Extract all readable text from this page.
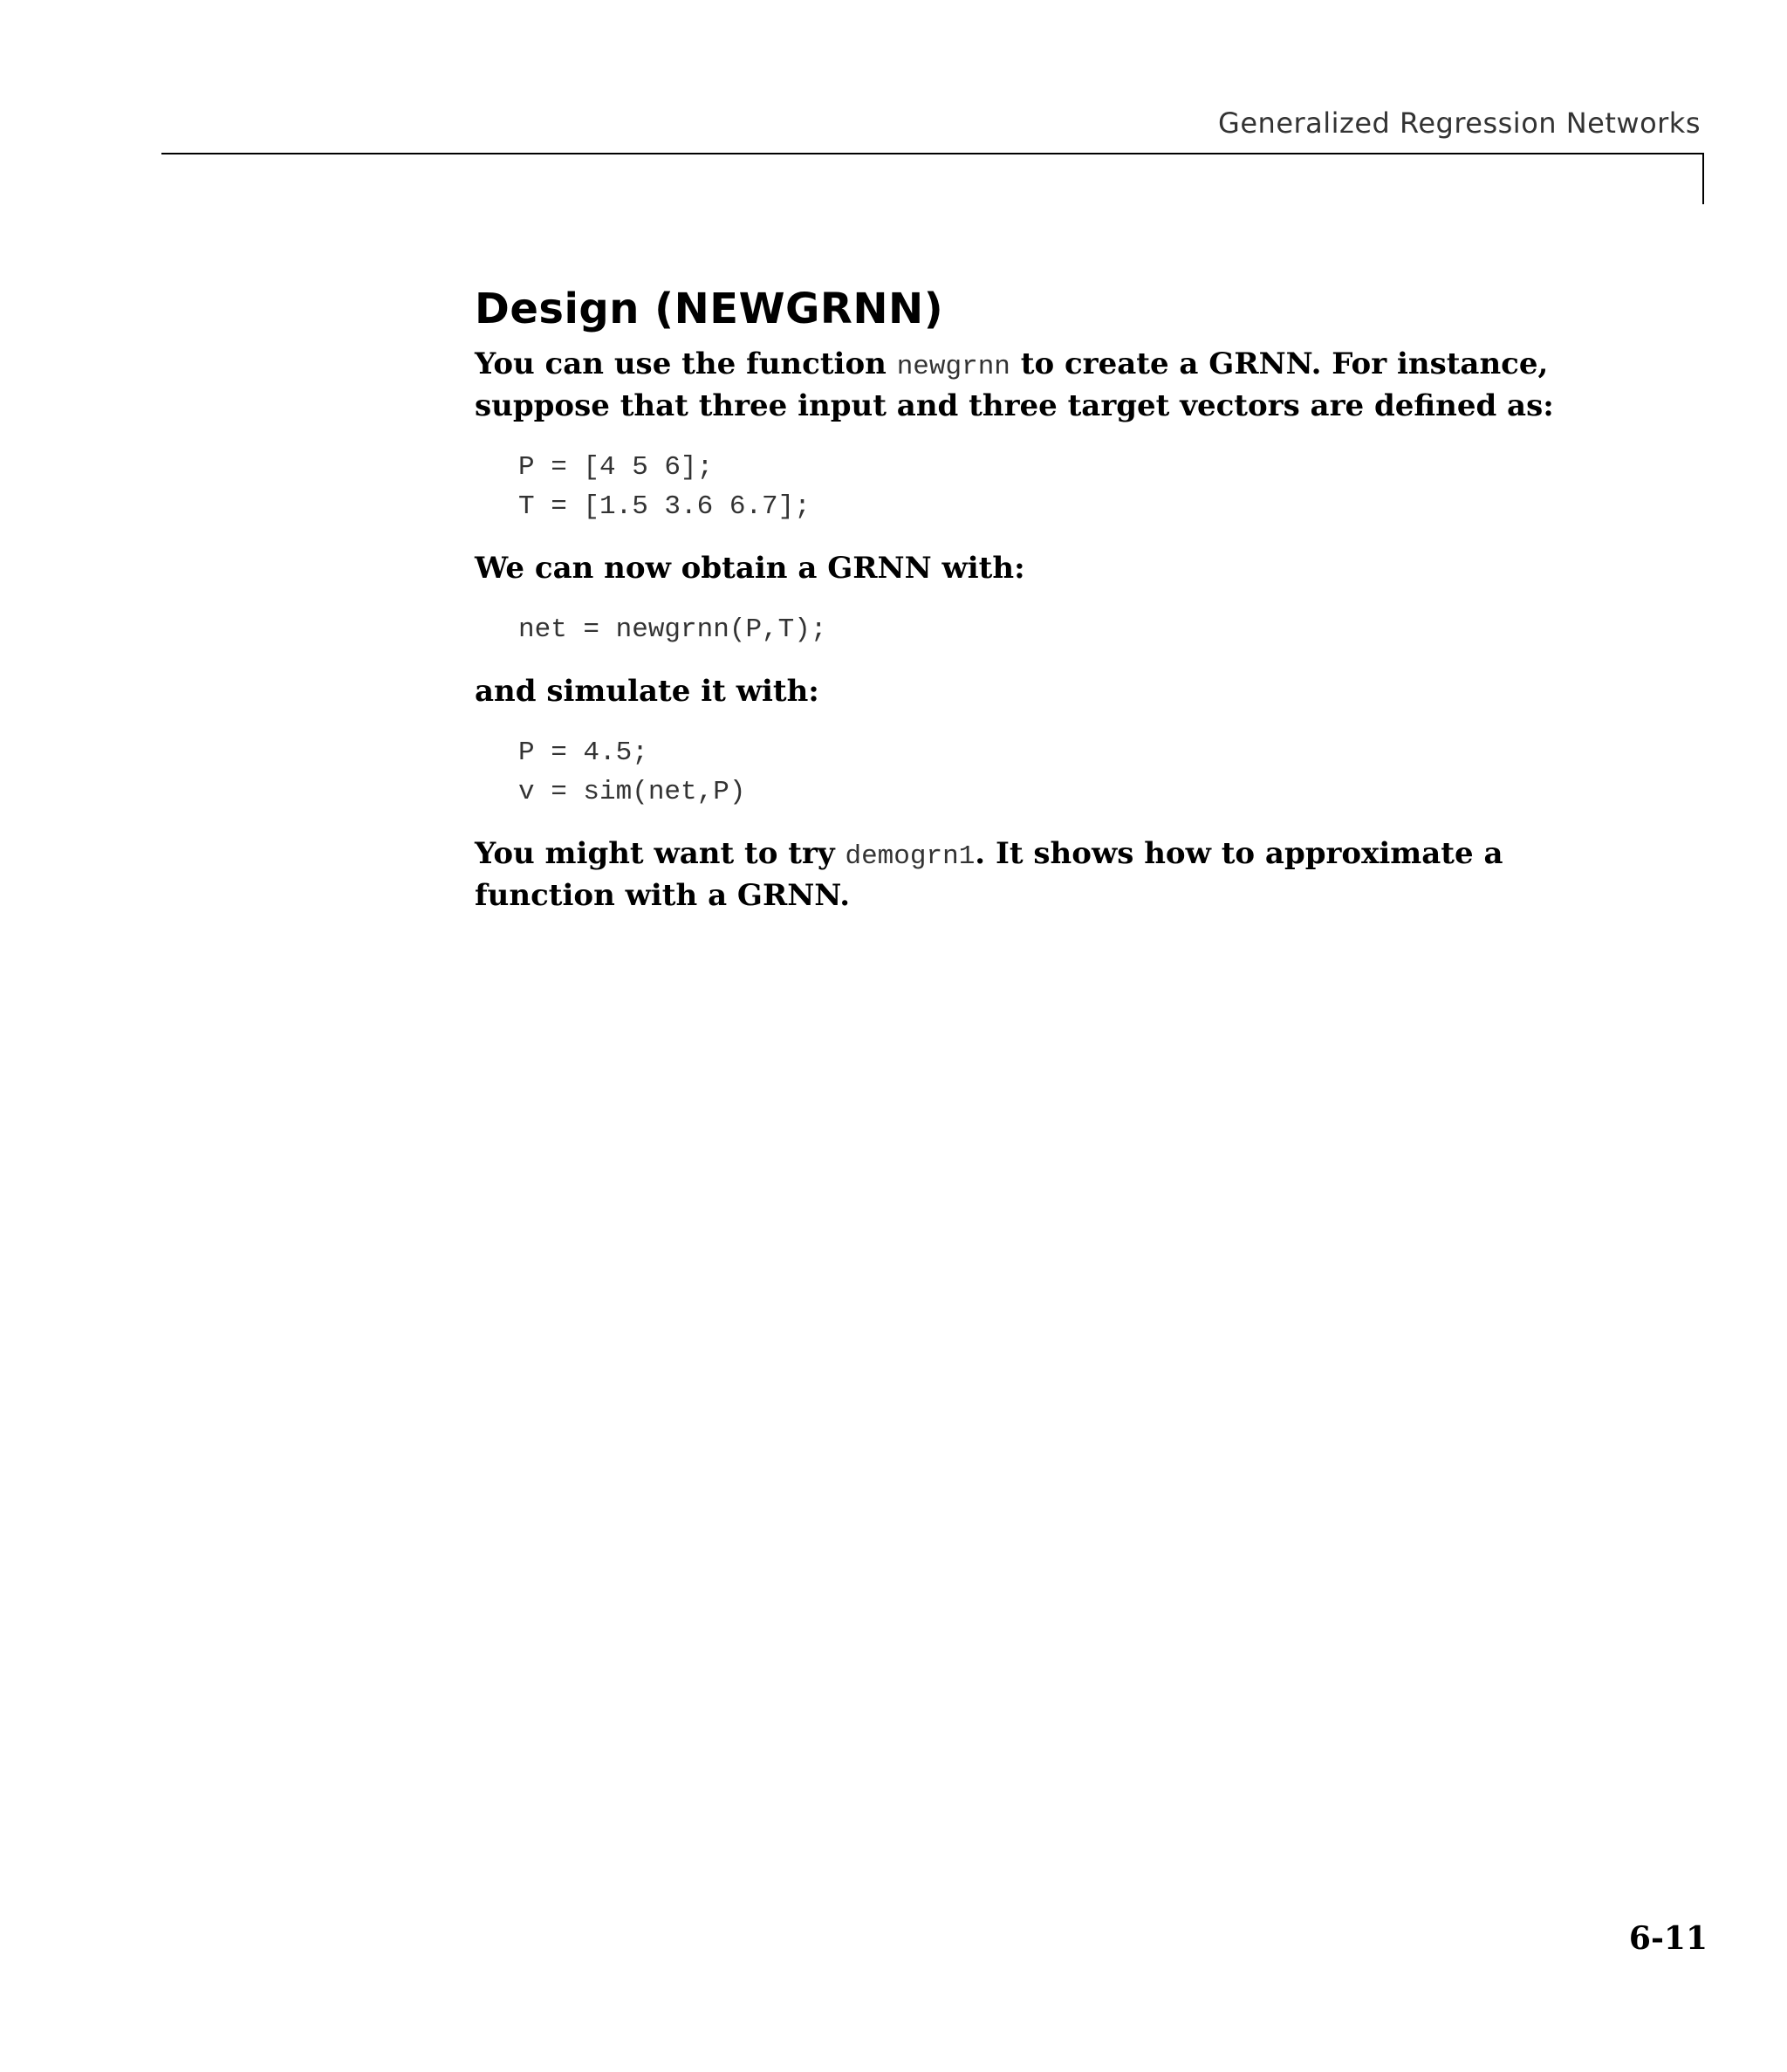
Generalized Regression Networks
Design (NEWGRNN)

You can use the function newgrnn to create a GRNN. For instance, suppose that three input and three target vectors are defined as:

P = [4 5 6];
T = [1.5 3.6 6.7];

We can now obtain a GRNN with:

net = newgrnn(P,T);

and simulate it with:

P = 4.5;
v = sim(net,P)

You might want to try demogrn1. It shows how to approximate a function with a GRNN.

6-11
